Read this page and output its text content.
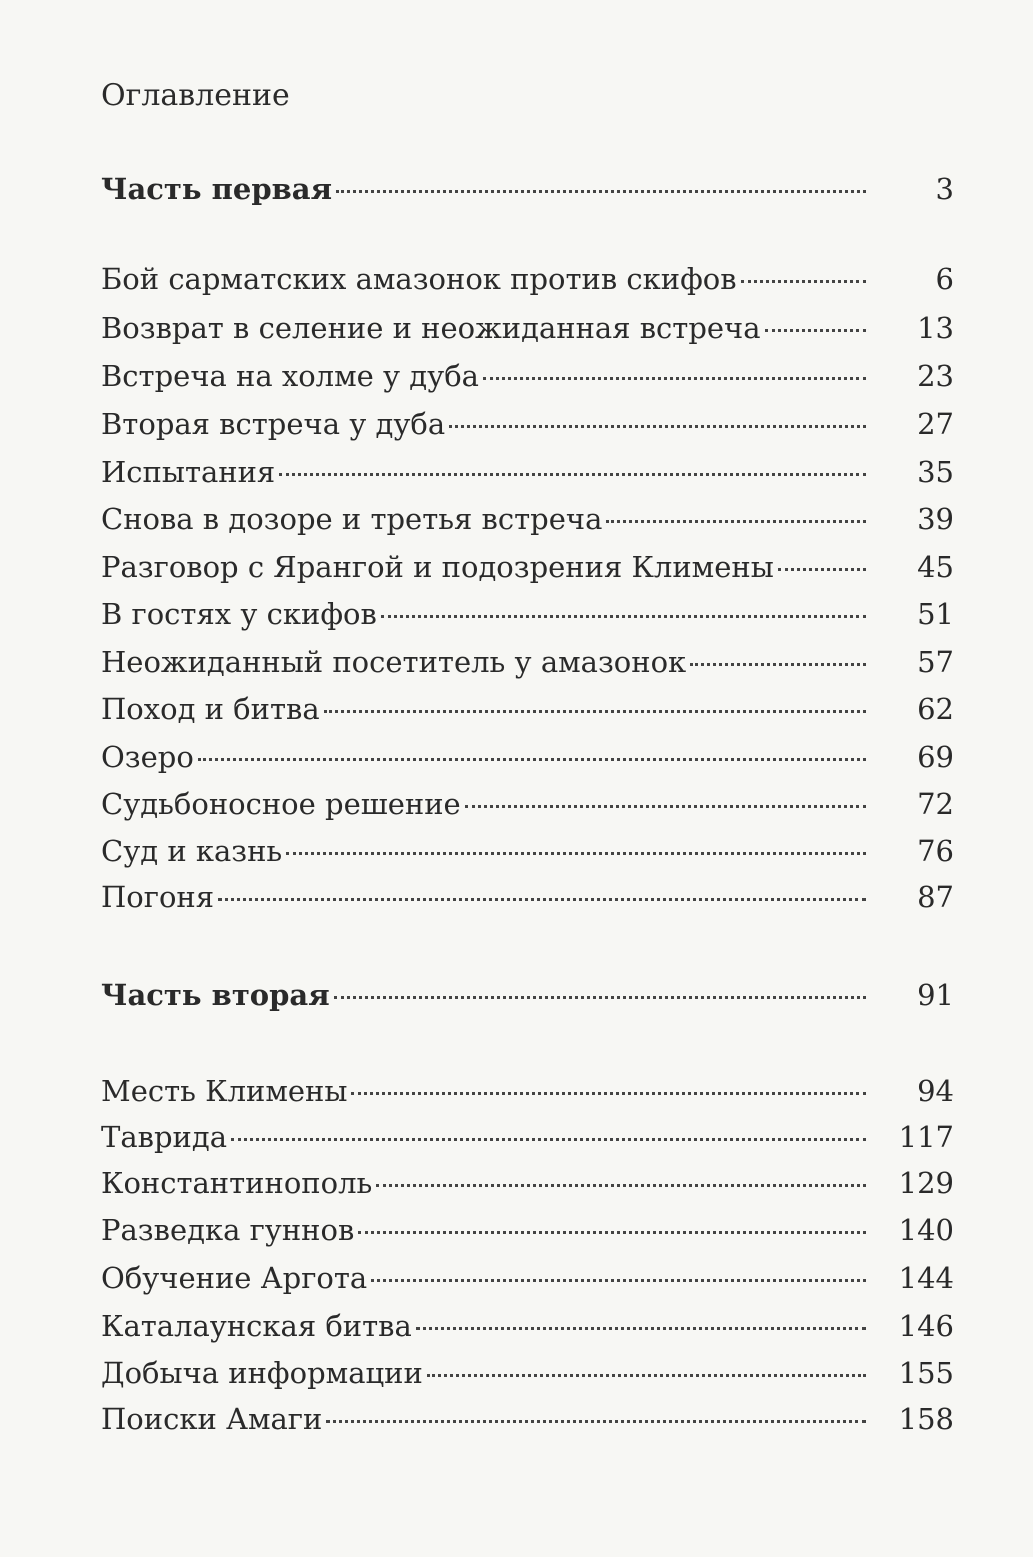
Оглавление
Часть первая	3
Бой сарматских амазонок против скифов	6
Возврат в селение и неожиданная встреча	13
Встреча на холме у дуба	23
Вторая встреча у дуба	27
Испытания	35
Снова в дозоре и третья встреча	39
Разговор с Ярангой и подозрения Климены	45
В гостях у скифов	51
Неожиданный посетитель у амазонок	57
Поход и битва	62
Озеро	69
Судьбоносное решение	72
Суд и казнь	76
Погоня	87
Часть вторая	91
Месть Климены	94
Таврида	117
Константинополь	129
Разведка гуннов	140
Обучение Аргота	144
Каталаунская битва	146
Добыча информации	155
Поиски Амаги	158
